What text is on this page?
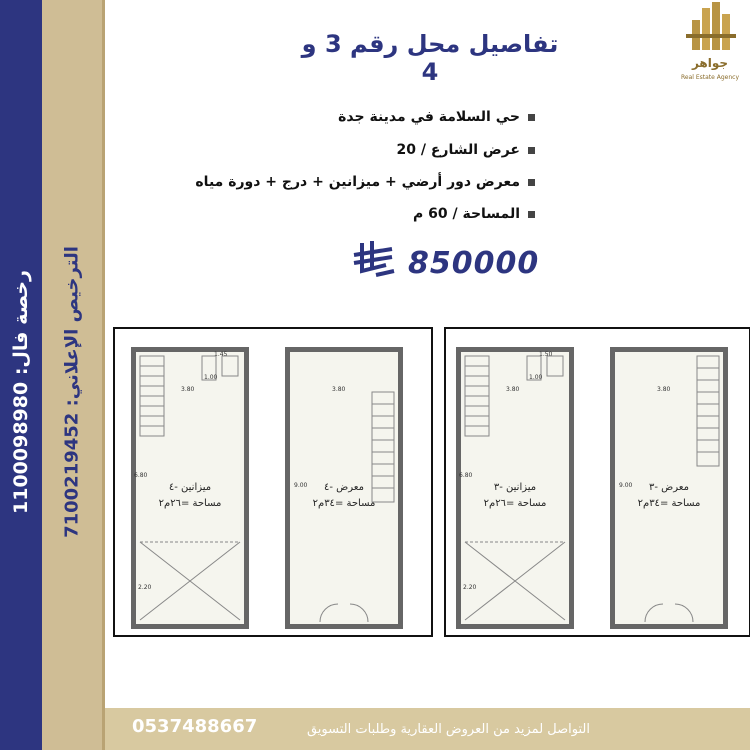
رخصة فال: 1100098980
الترخيص الإعلاني: 7100219452
تفاصيل محل رقم 3 و 4	جواهر
Real Estate Agency
حي السلامة في مدينة جدة
عرض الشارع / 20
معرض دور أرضي + ميزانين + درج + دورة مياه
المساحة / 60 م
850000
1.45
3.80
6.80
2.20
1.00
ميزانين -٤
مساحة =٢٦م٢
3.80
9.00	معرض -٤
مساحة =٣٤م٢
1.50
3.80
6.80
2.20
1.00
ميزانين -٣
مساحة =٢٦م٢
3.80
9.00	معرض -٣
مساحة =٣٤م٢
0537488667	التواصل لمزيد من العروض العقارية وطلبات التسويق
